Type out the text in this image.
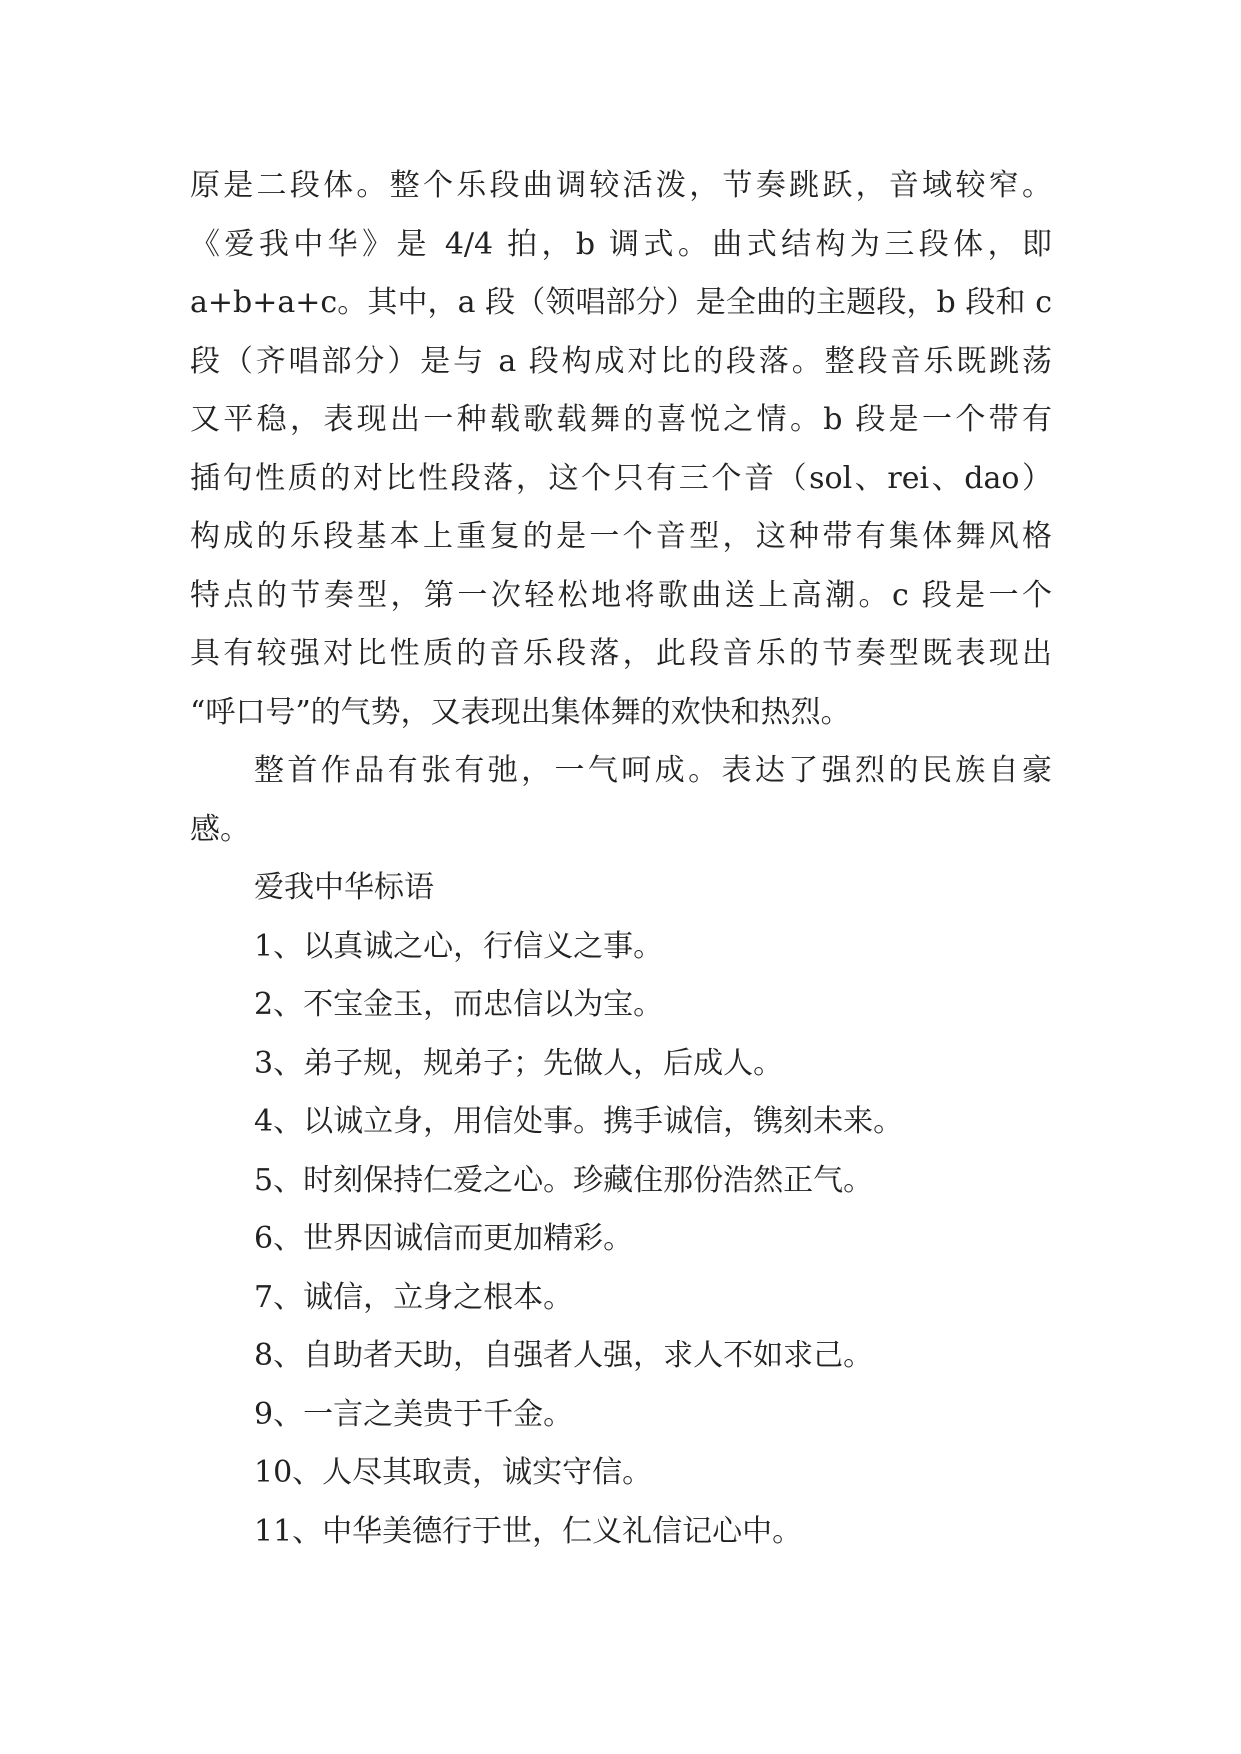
原是二段体。整个乐段曲调较活泼，节奏跳跃，音域较窄。
《爱我中华》是 4/4 拍，b 调式。曲式结构为三段体，即
a+b+a+c。其中，a 段（领唱部分）是全曲的主题段，b 段和 c
段（齐唱部分）是与 a 段构成对比的段落。整段音乐既跳荡
又平稳，表现出一种载歌载舞的喜悦之情。b 段是一个带有
插句性质的对比性段落，这个只有三个音（sol、rei、dao）
构成的乐段基本上重复的是一个音型，这种带有集体舞风格
特点的节奏型，第一次轻松地将歌曲送上高潮。c 段是一个
具有较强对比性质的音乐段落，此段音乐的节奏型既表现出
“呼口号”的气势，又表现出集体舞的欢快和热烈。
整首作品有张有弛，一气呵成。表达了强烈的民族自豪
感。
爱我中华标语
1、以真诚之心，行信义之事。
2、不宝金玉，而忠信以为宝。
3、弟子规，规弟子；先做人，后成人。
4、以诚立身，用信处事。携手诚信，镌刻未来。
5、时刻保持仁爱之心。珍藏住那份浩然正气。
6、世界因诚信而更加精彩。
7、诚信，立身之根本。
8、自助者天助，自强者人强，求人不如求己。
9、一言之美贵于千金。
10、人尽其取责，诚实守信。
11、中华美德行于世，仁义礼信记心中。
